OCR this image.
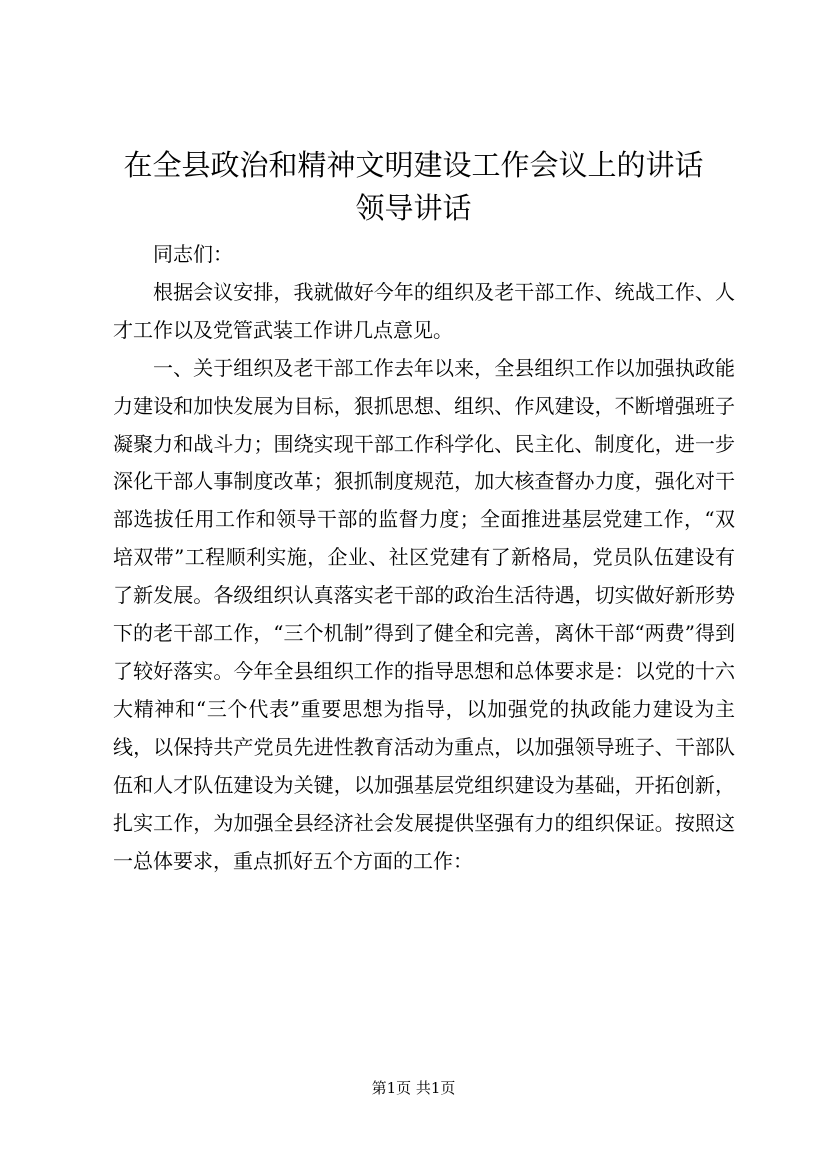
在全县政治和精神文明建设工作会议上的讲话
领导讲话

同志们：

根据会议安排，我就做好今年的组织及老干部工作、统战工作、人才工作以及党管武装工作讲几点意见。

一、关于组织及老干部工作去年以来，全县组织工作以加强执政能力建设和加快发展为目标，狠抓思想、组织、作风建设，不断增强班子凝聚力和战斗力；围绕实现干部工作科学化、民主化、制度化，进一步深化干部人事制度改革；狠抓制度规范，加大核查督办力度，强化对干部选拔任用工作和领导干部的监督力度；全面推进基层党建工作，“双培双带”工程顺利实施，企业、社区党建有了新格局，党员队伍建设有了新发展。各级组织认真落实老干部的政治生活待遇，切实做好新形势下的老干部工作，“三个机制”得到了健全和完善，离休干部“两费”得到了较好落实。今年全县组织工作的指导思想和总体要求是：以党的十六大精神和“三个代表”重要思想为指导，以加强党的执政能力建设为主线，以保持共产党员先进性教育活动为重点，以加强领导班子、干部队伍和人才队伍建设为关键，以加强基层党组织建设为基础，开拓创新，扎实工作，为加强全县经济社会发展提供坚强有力的组织保证。按照这一总体要求，重点抓好五个方面的工作：

第1页 共1页
